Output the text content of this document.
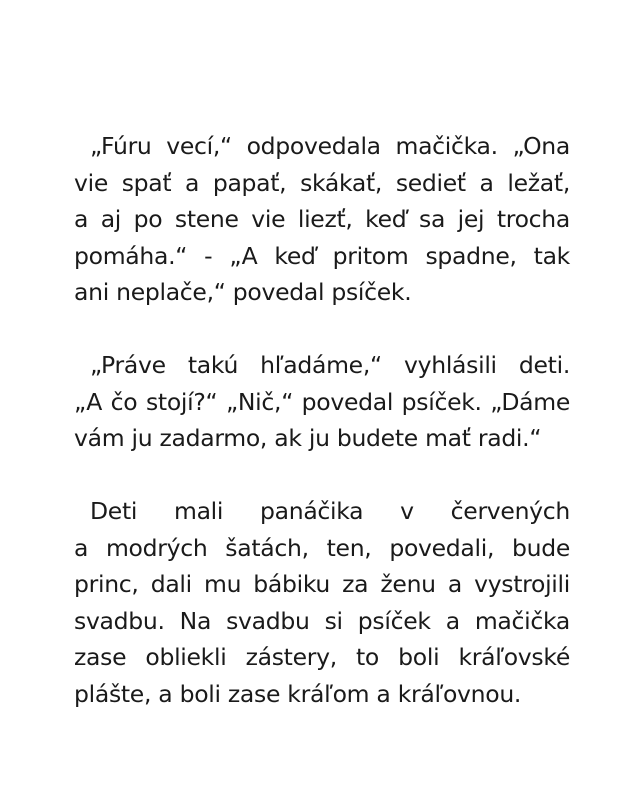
„Fúru vecí,“ odpovedala mačička. „Ona
vie spať a papať, skákať, sedieť a ležať,
a aj po stene vie liezť, keď sa jej trocha
pomáha.“ - „A keď pritom spadne, tak
ani neplače,“ povedal psíček.
„Práve takú hľadáme,“ vyhlásili deti.
„A čo stojí?“ „Nič,“ povedal psíček. „Dáme
vám ju zadarmo, ak ju budete mať radi.“
Deti mali panáčika v červených
a modrých šatách, ten, povedali, bude
princ, dali mu bábiku za ženu a vystrojili
svadbu. Na svadbu si psíček a mačička
zase obliekli zástery, to boli kráľovské
plášte, a boli zase kráľom a kráľovnou.
